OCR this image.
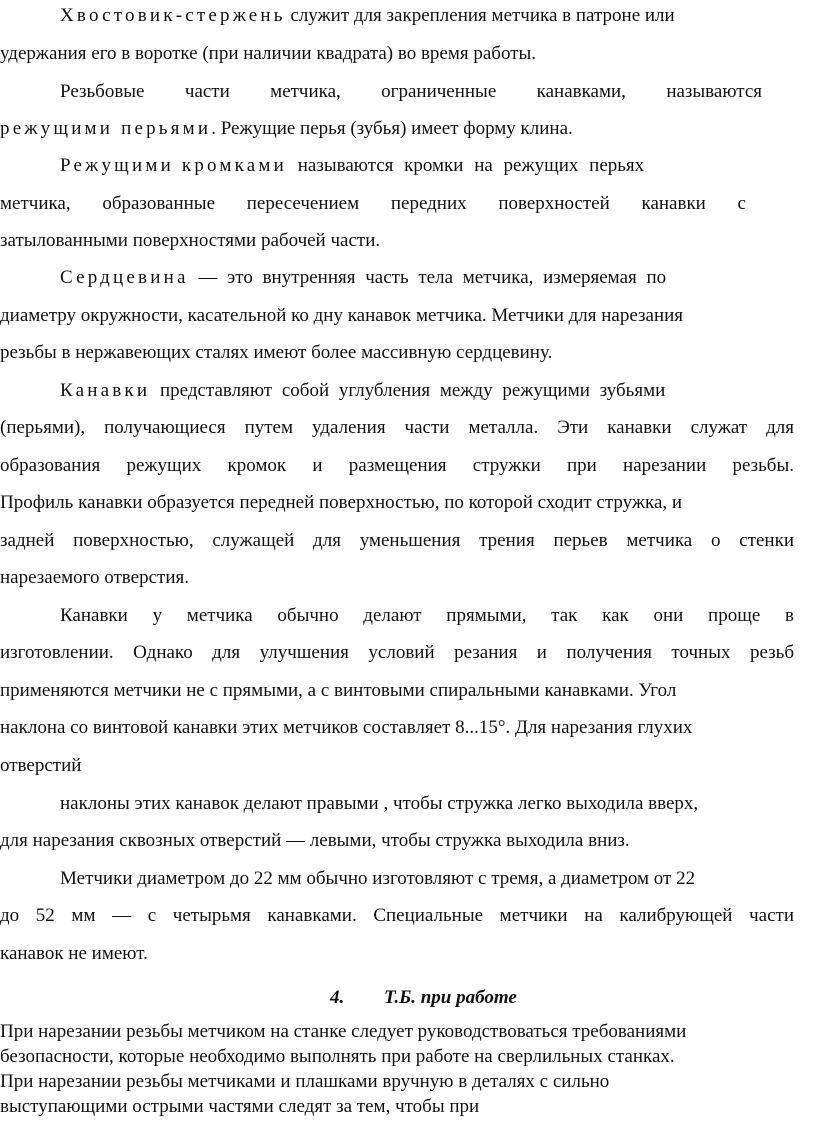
Хвостовик-стержень служит для закрепления метчика в патроне или
удержания его в воротке (при наличии квадрата) во время работы.
Резьбовые части метчика, ограниченные канавками, называются
режущими перьями. Режущие перья (зубья) имеет форму клина.
Режущими кромками называются кромки на режущих перьях
метчика, образованные пересечением передних поверхностей канавки с
затылованными поверхностями рабочей части.
Сердцевина — это внутренняя часть тела метчика, измеряемая по
диаметру окружности, касательной ко дну канавок метчика. Метчики для нарезания
резьбы в нержавеющих сталях имеют более массивную сердцевину.
Канавки представляют собой углубления между режущими зубьями
(перьями), получающиеся путем удаления части металла. Эти канавки служат для
образования режущих кромок и размещения стружки при нарезании резьбы.
Профиль канавки образуется передней поверхностью, по которой сходит стружка, и
задней поверхностью, служащей для уменьшения трения перьев метчика о стенки
нарезаемого отверстия.
Канавки у метчика обычно делают прямыми, так как они проще в
изготовлении. Однако для улучшения условий резания и получения точных резьб
применяются метчики не с прямыми, а с винтовыми спиральными канавками. Угол
наклона со винтовой канавки этих метчиков составляет 8...15°. Для нарезания глухих
отверстий
наклоны этих канавок делают правыми , чтобы стружка легко выходила вверх,
для нарезания сквозных отверстий — левыми, чтобы стружка выходила вниз.
Метчики диаметром до 22 мм обычно изготовляют с тремя, а диаметром от 22
до 52 мм — с четырьмя канавками. Специальные метчики на калибрующей части
канавок не имеют.
4. Т.Б. при работе
При нарезании резьбы метчиком на станке следует руководствоваться требованиями
безопасности, которые необходимо выполнять при работе на сверлильных станках.
При нарезании резьбы метчиками и плашками вручную в деталях с сильно
выступающими острыми частями следят за тем, чтобы при
